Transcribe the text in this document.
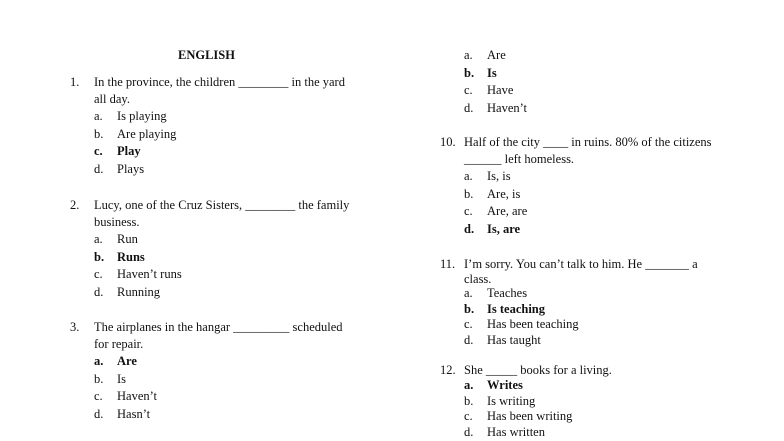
ENGLISH	a. Are
b. Is
c. Have
d. Haven’t
1. In the province, the children ________ in the yard
all day.
a. Is playing
b. Are playing
c. Play
d. Plays
2. Lucy, one of the Cruz Sisters, ________ the family
business.
a. Run
b. Runs
c. Haven’t runs
d. Running
3. The airplanes in the hangar _________ scheduled
for repair.
a. Are
b. Is
c. Haven’t
d. Hasn’t
10. Half of the city ____ in ruins. 80% of the citizens
______ left homeless.
a. Is, is
b. Are, is
c. Are, are
d. Is, are
11. I’m sorry. You can’t talk to him. He _______ a
class.
a. Teaches
b. Is teaching
c. Has been teaching
d. Has taught
12. She _____ books for a living.
a. Writes
b. Is writing
c. Has been writing
d. Has written
